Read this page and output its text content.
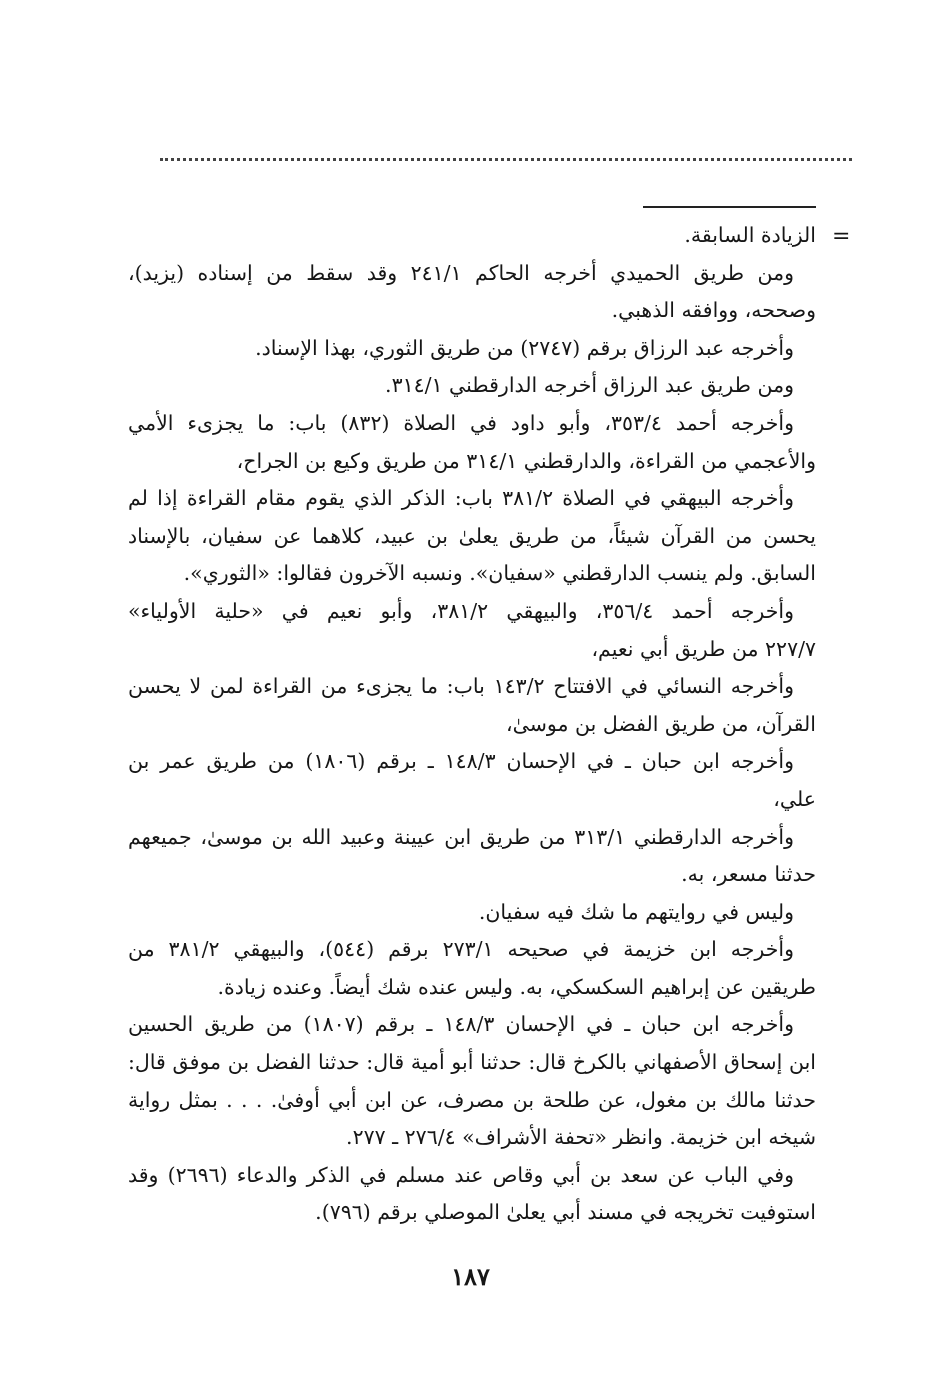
=
الزيادة السابقة.
ومن طريق الحميدي أخرجه الحاكم ٢٤١/١ وقد سقط من إسناده (يزيد)،
وصححه، ووافقه الذهبي.
وأخرجه عبد الرزاق برقم (٢٧٤٧) من طريق الثوري، بهذا الإسناد.
ومن طريق عبد الرزاق أخرجه الدارقطني ٣١٤/١.
وأخرجه أحمد ٣٥٣/٤، وأبو داود في الصلاة (٨٣٢) باب: ما يجزىء الأمي
والأعجمي من القراءة، والدارقطني ٣١٤/١ من طريق وكيع بن الجراح،
وأخرجه البيهقي في الصلاة ٣٨١/٢ باب: الذكر الذي يقوم مقام القراءة إذا لم
يحسن من القرآن شيئاً، من طريق يعلىٰ بن عبيد، كلاهما عن سفيان، بالإسناد
السابق. ولم ينسب الدارقطني «سفيان». ونسبه الآخرون فقالوا: «الثوري».
وأخرجه أحمد ٣٥٦/٤، والبيهقي ٣٨١/٢، وأبو نعيم في «حلية الأولياء»
٢٢٧/٧ من طريق أبي نعيم،
وأخرجه النسائي في الافتتاح ١٤٣/٢ باب: ما يجزىء من القراءة لمن لا يحسن
القرآن، من طريق الفضل بن موسىٰ،
وأخرجه ابن حبان ـ في الإحسان ١٤٨/٣ ـ برقم (١٨٠٦) من طريق عمر بن
علي،
وأخرجه الدارقطني ٣١٣/١ من طريق ابن عيينة وعبيد الله بن موسىٰ، جميعهم
حدثنا مسعر، به.
وليس في روايتهم ما شك فيه سفيان.
وأخرجه ابن خزيمة في صحيحه ٢٧٣/١ برقم (٥٤٤)، والبيهقي ٣٨١/٢ من
طريقين عن إبراهيم السكسكي، به. وليس عنده شك أيضاً. وعنده زيادة.
وأخرجه ابن حبان ـ في الإحسان ١٤٨/٣ ـ برقم (١٨٠٧) من طريق الحسين
ابن إسحاق الأصفهاني بالكرخ قال: حدثنا أبو أمية قال: حدثنا الفضل بن موفق قال:
حدثنا مالك بن مغول، عن طلحة بن مصرف، عن ابن أبي أوفىٰ. . . . بمثل رواية
شيخه ابن خزيمة. وانظر «تحفة الأشراف» ٢٧٦/٤ ـ ٢٧٧.
وفي الباب عن سعد بن أبي وقاص عند مسلم في الذكر والدعاء (٢٦٩٦) وقد
استوفيت تخريجه في مسند أبي يعلىٰ الموصلي برقم (٧٩٦).
١٨٧
